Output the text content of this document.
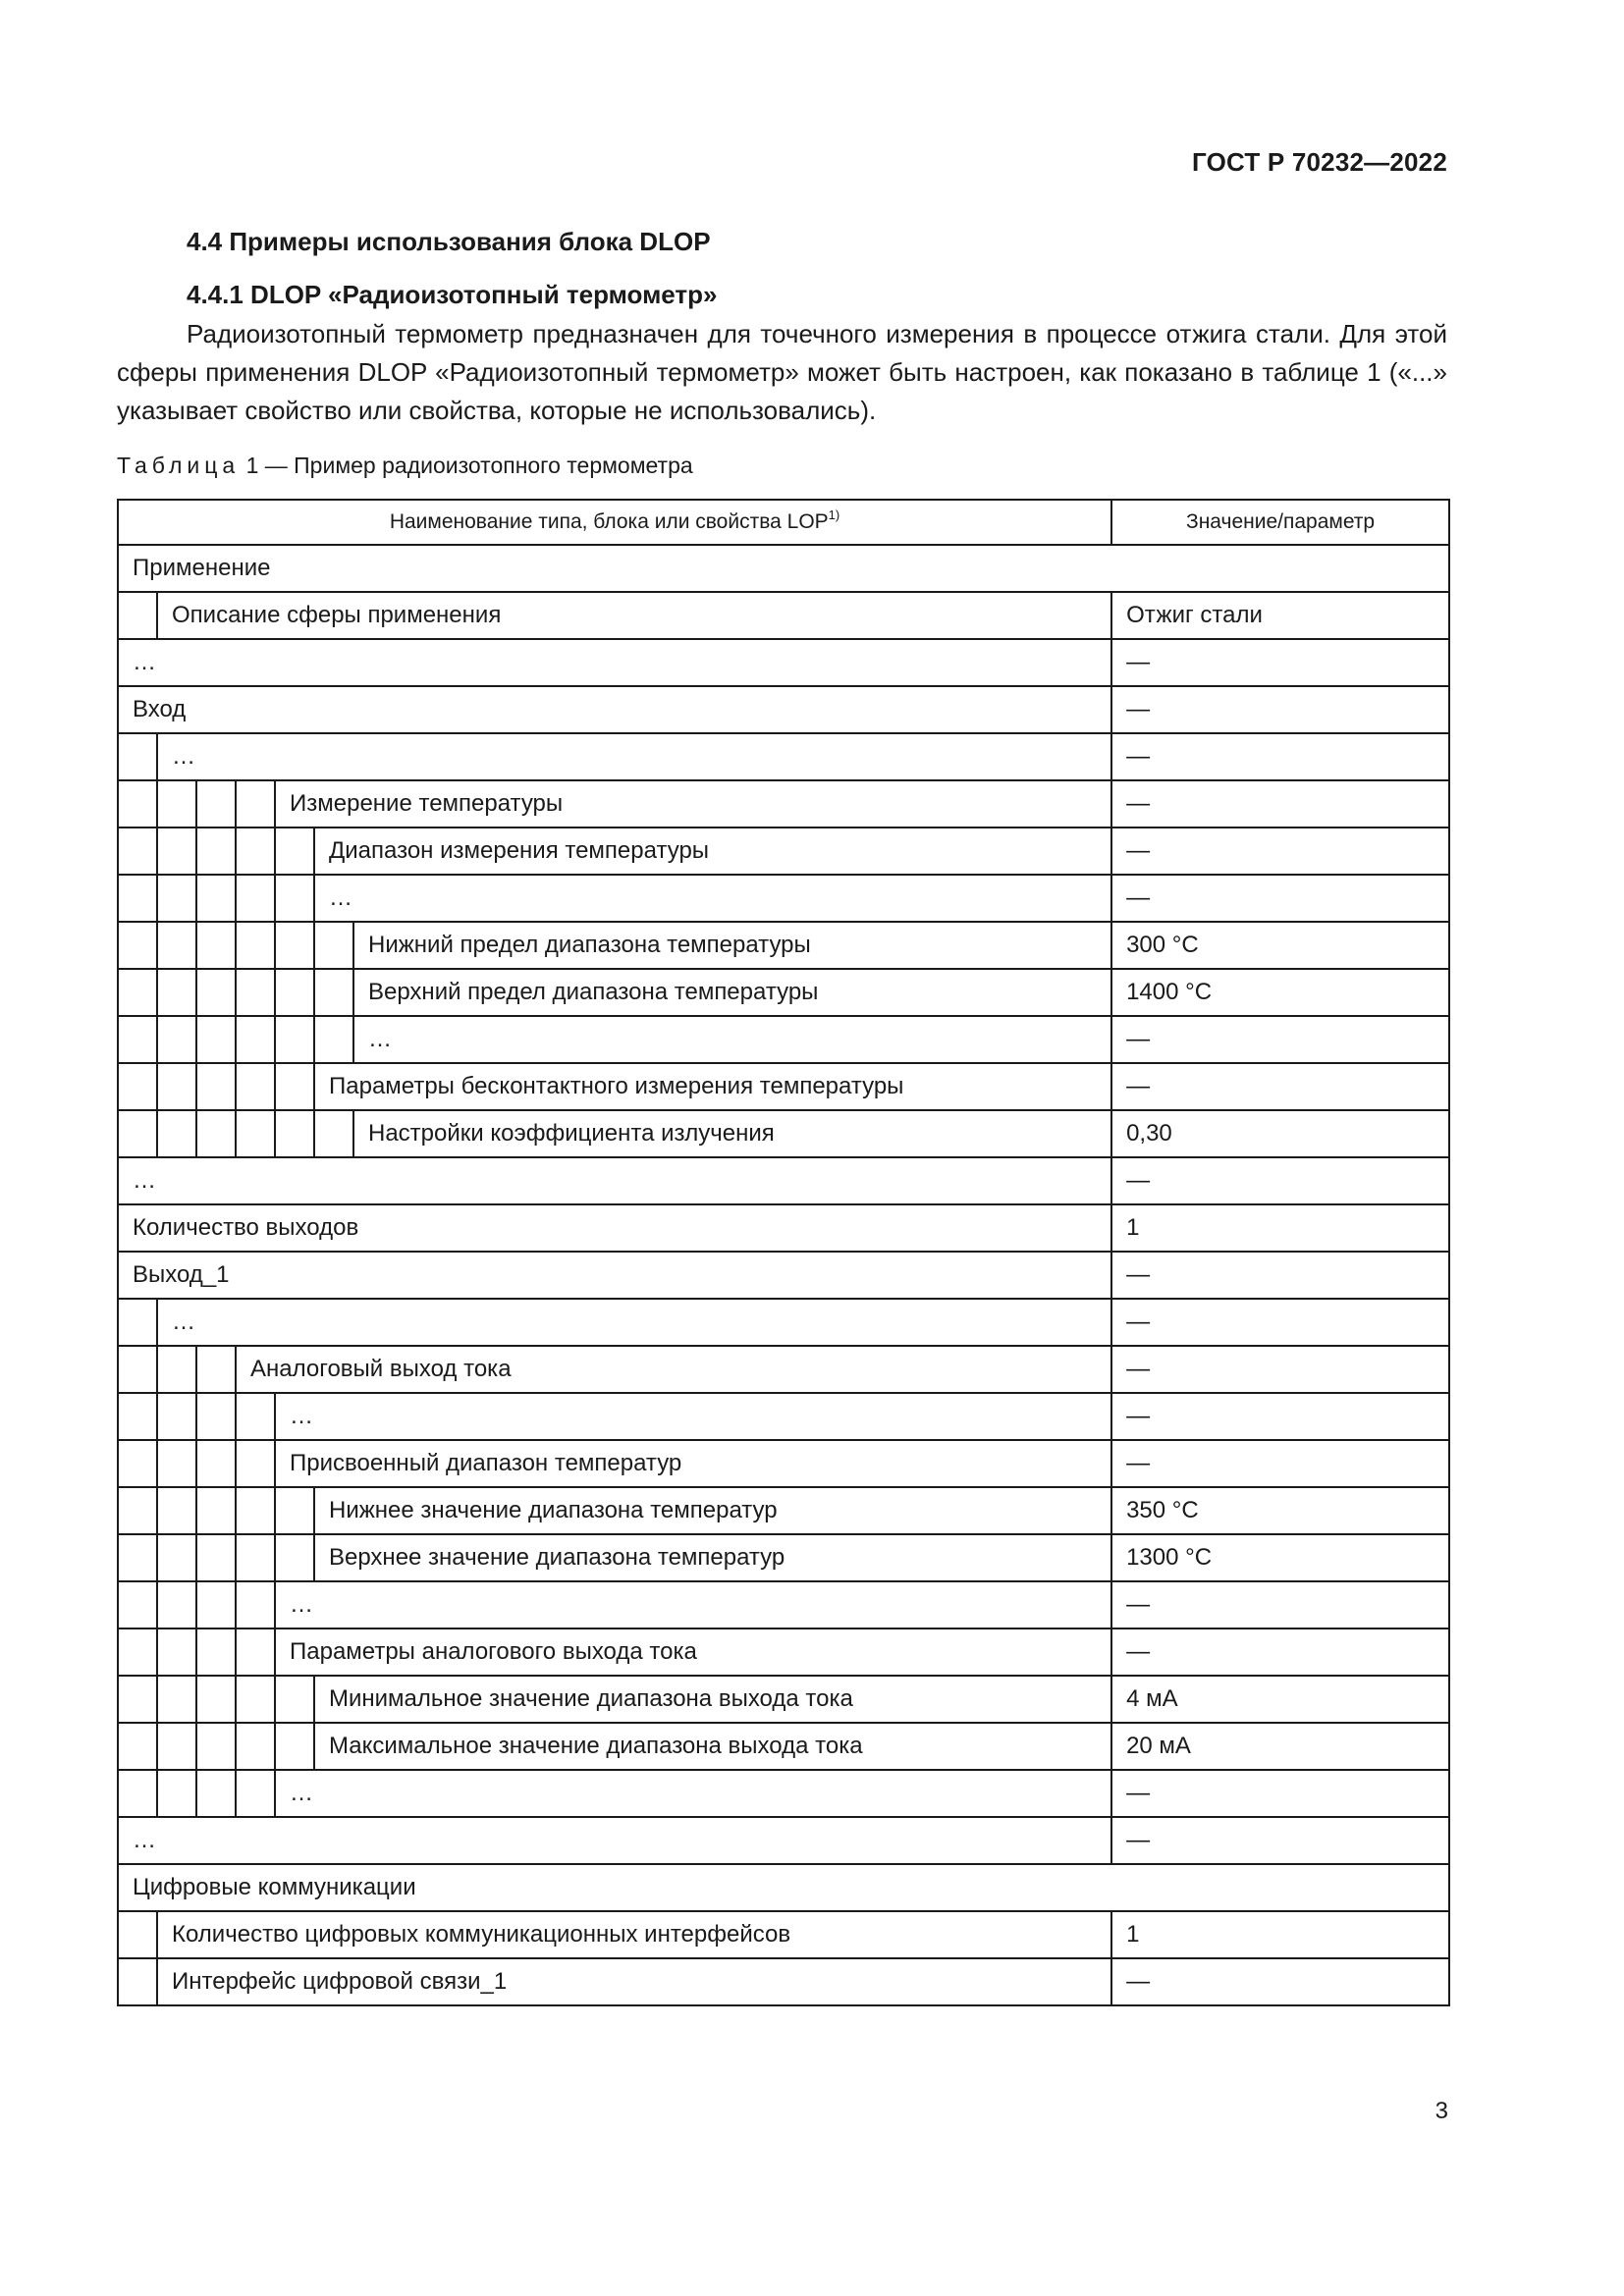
ГОСТ Р 70232—2022
4.4 Примеры использования блока DLOP
4.4.1 DLOP «Радиоизотопный термометр»
Радиоизотопный термометр предназначен для точечного измерения в процессе отжига стали. Для этой сферы применения DLOP «Радиоизотопный термометр» может быть настроен, как показано в таблице 1 («...» указывает свойство или свойства, которые не использовались).
Таблица 1 — Пример радиоизотопного термометра
Наименование типа, блока или свойства LOP$^{1)}$							Значение/параметр
Применение							
	Описание сферы применения						Отжиг стали
…							—
Вход							—
	…						—
				Измерение температуры			—
					Диапазон измерения температуры		—
					…		—
						Нижний предел диапазона температуры	300 °C
						Верхний предел диапазона температуры	1400 °C
						…	—
					Параметры бесконтактного измерения температуры		—
						Настройки коэффициента излучения	0,30
…							—
Количество выходов							1
Выход_1							—
	…						—
			Аналоговый выход тока				—
				…			—
				Присвоенный диапазон температур			—
					Нижнее значение диапазона температур		350 °C
					Верхнее значение диапазона температур		1300 °C
				…			—
				Параметры аналогового выхода тока			—
					Минимальное значение диапазона выхода тока		4 мА
					Максимальное значение диапазона выхода тока		20 мА
				…			—
…							—
Цифровые коммуникации							
	Количество цифровых коммуникационных интерфейсов						1
	Интерфейс цифровой связи_1						—
3
